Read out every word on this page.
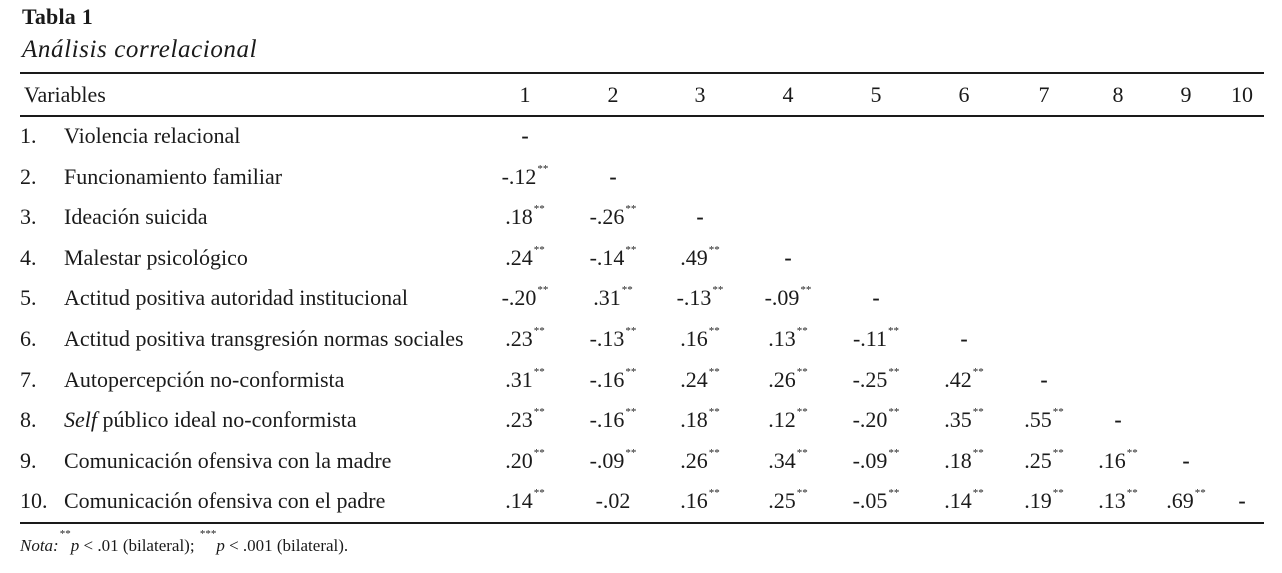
Tabla 1
Análisis correlacional
Variables	1	2	3	4	5	6	7	8	9	10
1. Violencia relacional	-
2. Funcionamiento familiar	-.12**	-
3. Ideación suicida	.18**	-.26**	-
4. Malestar psicológico	.24**	-.14**	.49**	-
5. Actitud positiva autoridad institucional	-.20**	.31**	-.13**	-.09**	-
6. Actitud positiva transgresión normas sociales	.23**	-.13**	.16**	.13**	-.11**	-
7. Autopercepción no-conformista	.31**	-.16**	.24**	.26**	-.25**	.42**	-
8. Self público ideal no-conformista	.23**	-.16**	.18**	.12**	-.20**	.35**	.55**	-
9. Comunicación ofensiva con la madre	.20**	-.09**	.26**	.34**	-.09**	.18**	.25**	.16**	-
10. Comunicación ofensiva con el padre	.14**	-.02	.16**	.25**	-.05**	.14**	.19**	.13**	.69**	-
Nota:**p < .01 (bilateral); ***p < .001 (bilateral).
